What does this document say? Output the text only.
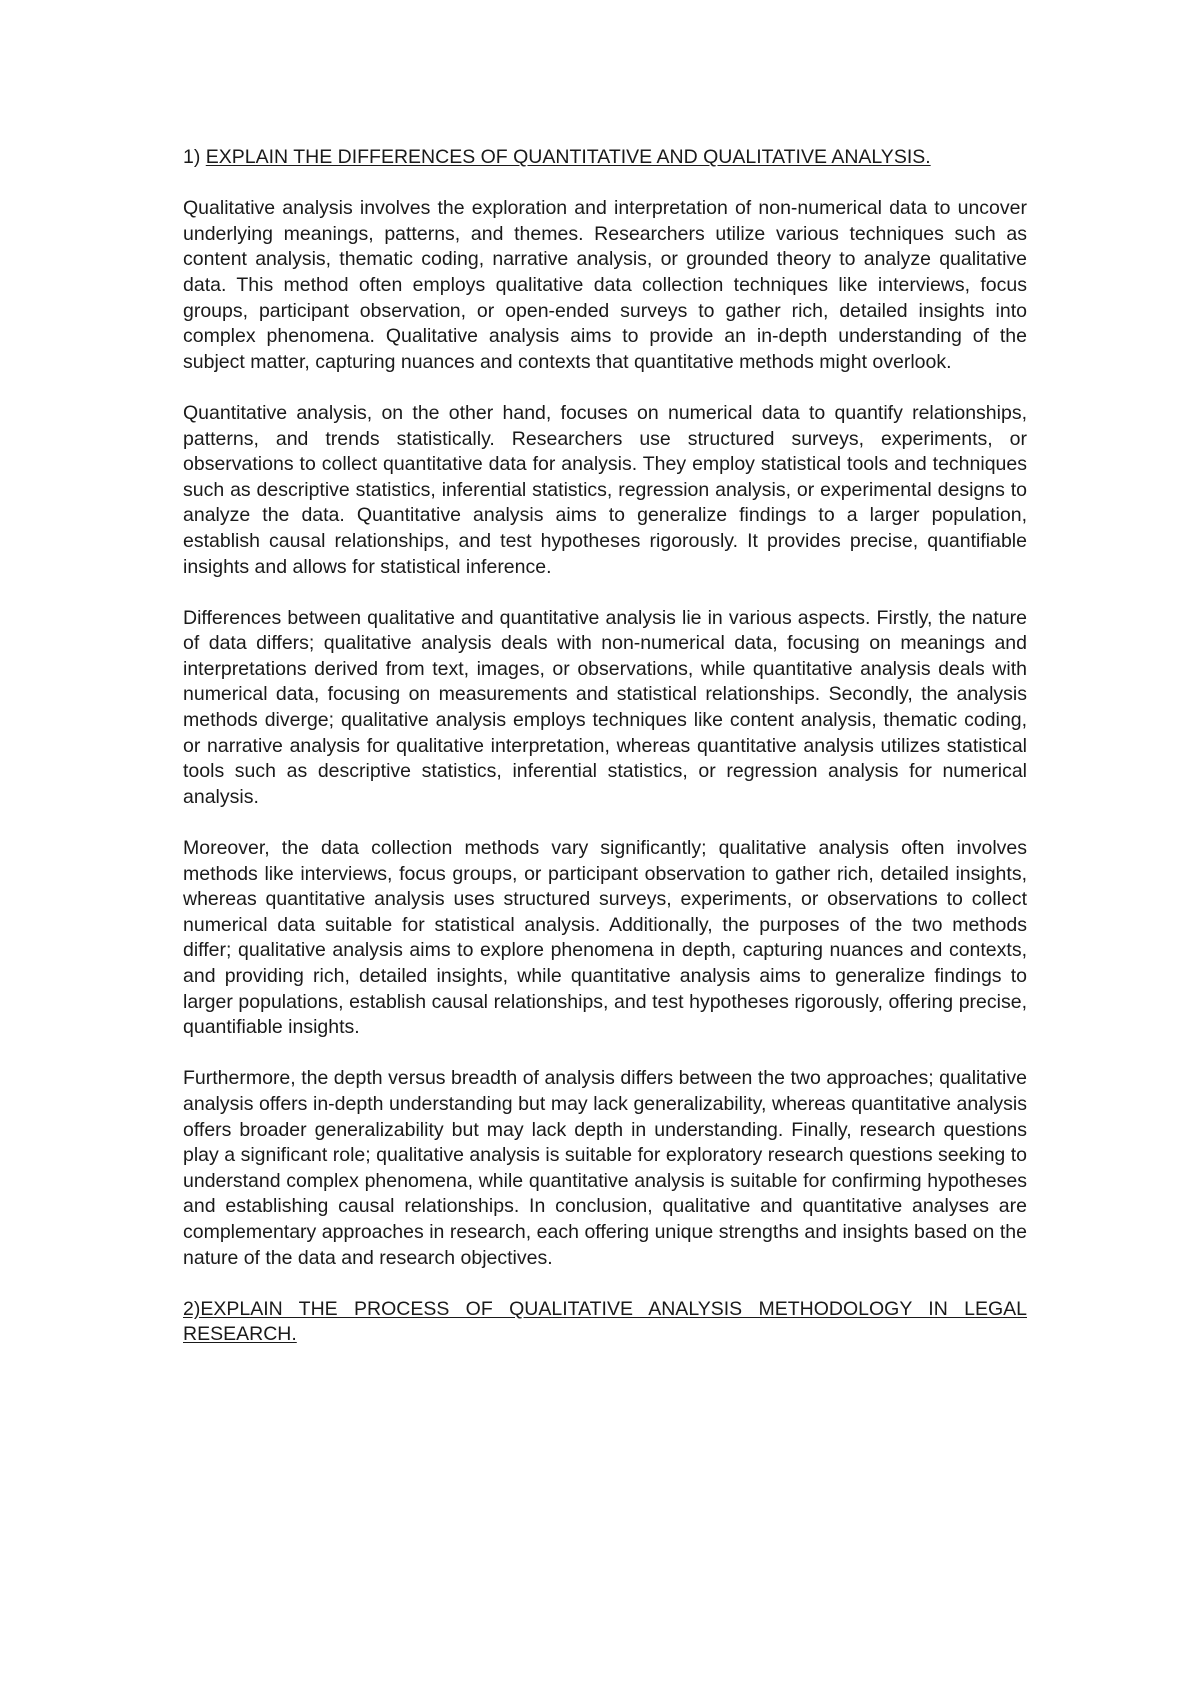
1) EXPLAIN THE DIFFERENCES OF QUANTITATIVE AND QUALITATIVE ANALYSIS.

Qualitative analysis involves the exploration and interpretation of non-numerical data to uncover underlying meanings, patterns, and themes. Researchers utilize various techniques such as content analysis, thematic coding, narrative analysis, or grounded theory to analyze qualitative data. This method often employs qualitative data collection techniques like interviews, focus groups, participant observation, or open-ended surveys to gather rich, detailed insights into complex phenomena. Qualitative analysis aims to provide an in-depth understanding of the subject matter, capturing nuances and contexts that quantitative methods might overlook.

Quantitative analysis, on the other hand, focuses on numerical data to quantify relationships, patterns, and trends statistically. Researchers use structured surveys, experiments, or observations to collect quantitative data for analysis. They employ statistical tools and techniques such as descriptive statistics, inferential statistics, regression analysis, or experimental designs to analyze the data. Quantitative analysis aims to generalize findings to a larger population, establish causal relationships, and test hypotheses rigorously. It provides precise, quantifiable insights and allows for statistical inference.

Differences between qualitative and quantitative analysis lie in various aspects. Firstly, the nature of data differs; qualitative analysis deals with non-numerical data, focusing on meanings and interpretations derived from text, images, or observations, while quantitative analysis deals with numerical data, focusing on measurements and statistical relationships. Secondly, the analysis methods diverge; qualitative analysis employs techniques like content analysis, thematic coding, or narrative analysis for qualitative interpretation, whereas quantitative analysis utilizes statistical tools such as descriptive statistics, inferential statistics, or regression analysis for numerical analysis.

Moreover, the data collection methods vary significantly; qualitative analysis often involves methods like interviews, focus groups, or participant observation to gather rich, detailed insights, whereas quantitative analysis uses structured surveys, experiments, or observations to collect numerical data suitable for statistical analysis. Additionally, the purposes of the two methods differ; qualitative analysis aims to explore phenomena in depth, capturing nuances and contexts, and providing rich, detailed insights, while quantitative analysis aims to generalize findings to larger populations, establish causal relationships, and test hypotheses rigorously, offering precise, quantifiable insights.

Furthermore, the depth versus breadth of analysis differs between the two approaches; qualitative analysis offers in-depth understanding but may lack generalizability, whereas quantitative analysis offers broader generalizability but may lack depth in understanding. Finally, research questions play a significant role; qualitative analysis is suitable for exploratory research questions seeking to understand complex phenomena, while quantitative analysis is suitable for confirming hypotheses and establishing causal relationships. In conclusion, qualitative and quantitative analyses are complementary approaches in research, each offering unique strengths and insights based on the nature of the data and research objectives.

2)EXPLAIN THE PROCESS OF QUALITATIVE ANALYSIS METHODOLOGY IN LEGAL RESEARCH.
